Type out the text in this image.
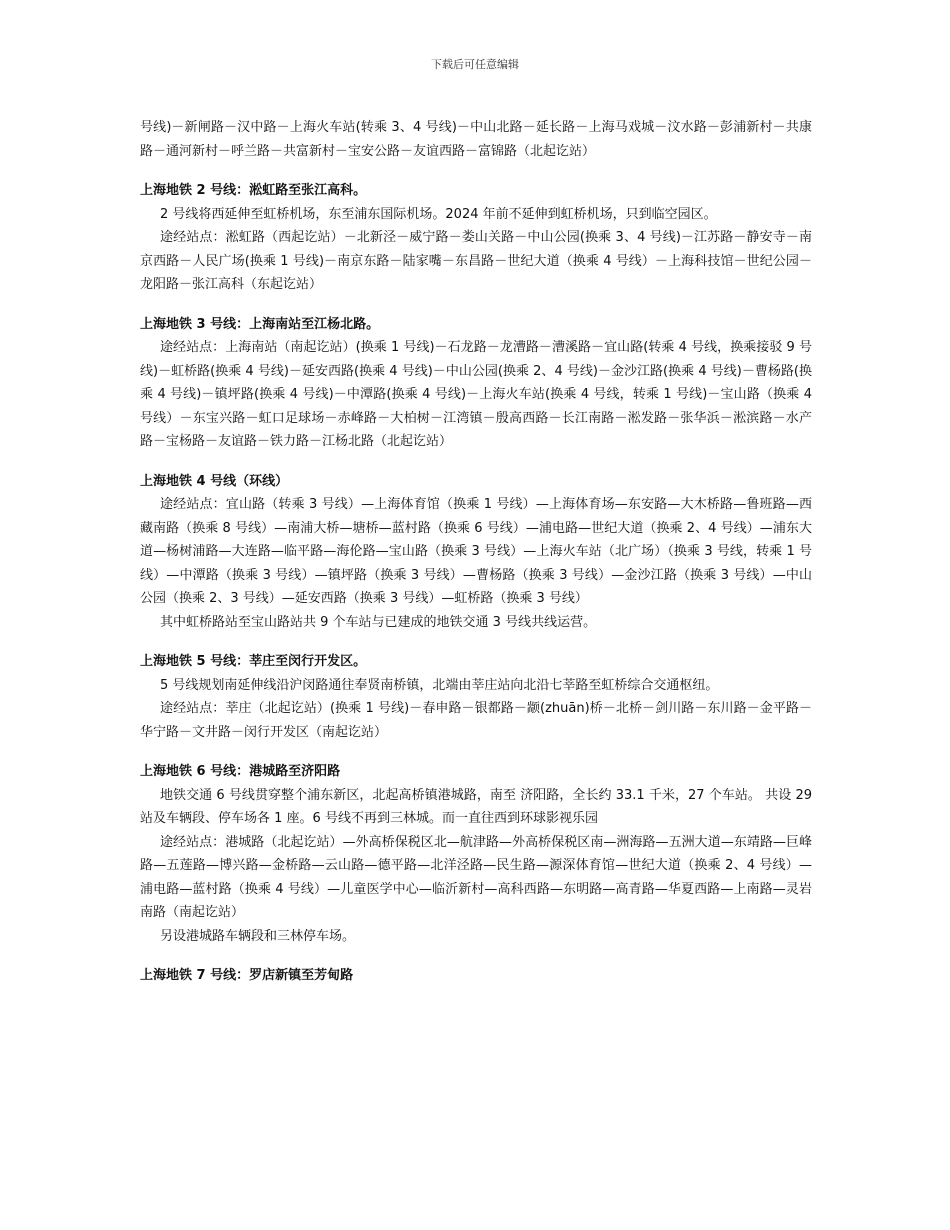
下载后可任意编辑

号线)－新闸路－汉中路－上海火车站(转乘 3、4 号线)－中山北路－延长路－上海马戏城－汶水路－彭浦新村－共康路－通河新村－呼兰路－共富新村－宝安公路－友谊西路－富锦路（北起讫站）

上海地铁 2 号线：淞虹路至张江高科。

2 号线将西延伸至虹桥机场，东至浦东国际机场。2024 年前不延伸到虹桥机场，只到临空园区。

途经站点：淞虹路（西起讫站）－北新泾－威宁路－娄山关路－中山公园(换乘 3、4 号线)－江苏路－静安寺－南京西路－人民广场(换乘 1 号线)－南京东路－陆家嘴－东昌路－世纪大道（换乘 4 号线）－上海科技馆－世纪公园－龙阳路－张江高科（东起讫站）

上海地铁 3 号线：上海南站至江杨北路。

途经站点：上海南站（南起讫站）(换乘 1 号线)－石龙路－龙漕路－漕溪路－宜山路(转乘 4 号线，换乘接驳 9 号线)－虹桥路(换乘 4 号线)－延安西路(换乘 4 号线)－中山公园(换乘 2、4 号线)－金沙江路(换乘 4 号线)－曹杨路(换乘 4 号线)－镇坪路(换乘 4 号线)－中潭路(换乘 4 号线)－上海火车站(换乘 4 号线，转乘 1 号线)－宝山路（换乘 4 号线）－东宝兴路－虹口足球场－赤峰路－大柏树－江湾镇－殷高西路－长江南路－淞发路－张华浜－淞滨路－水产路－宝杨路－友谊路－铁力路－江杨北路（北起讫站）

上海地铁 4 号线（环线）

途经站点：宜山路（转乘 3 号线）—上海体育馆（换乘 1 号线）—上海体育场—东安路—大木桥路—鲁班路—西藏南路（换乘 8 号线）—南浦大桥—塘桥—蓝村路（换乘 6 号线）—浦电路—世纪大道（换乘 2、4 号线）—浦东大道—杨树浦路—大连路—临平路—海伦路—宝山路（换乘 3 号线）—上海火车站（北广场）（换乘 3 号线，转乘 1 号线）—中潭路（换乘 3 号线）—镇坪路（换乘 3 号线）—曹杨路（换乘 3 号线）—金沙江路（换乘 3 号线）—中山公园（换乘 2、3 号线）—延安西路（换乘 3 号线）—虹桥路（换乘 3 号线）

其中虹桥路站至宝山路站共 9 个车站与已建成的地铁交通 3 号线共线运营。

上海地铁 5 号线：莘庄至闵行开发区。

5 号线规划南延伸线沿沪闵路通往奉贤南桥镇，北端由莘庄站向北沿七莘路至虹桥综合交通枢纽。

途经站点：莘庄（北起讫站）(换乘 1 号线)－春申路－银都路－颛(zhuān)桥－北桥－剑川路－东川路－金平路－华宁路－文井路－闵行开发区（南起讫站）

上海地铁 6 号线：港城路至济阳路

地铁交通 6 号线贯穿整个浦东新区，北起高桥镇港城路，南至 济阳路，全长约 33.1 千米，27 个车站。 共设 29 站及车辆段、停车场各 1 座。6 号线不再到三林城。而一直往西到环球影视乐园

途经站点：港城路（北起讫站）—外高桥保税区北—航津路—外高桥保税区南—洲海路—五洲大道—东靖路—巨峰路—五莲路—博兴路—金桥路—云山路—德平路—北洋泾路—民生路—源深体育馆—世纪大道（换乘 2、4 号线）—浦电路—蓝村路（换乘 4 号线）—儿童医学中心—临沂新村—高科西路—东明路—高青路—华夏西路—上南路—灵岩南路（南起讫站）

另设港城路车辆段和三林停车场。

上海地铁 7 号线：罗店新镇至芳甸路
